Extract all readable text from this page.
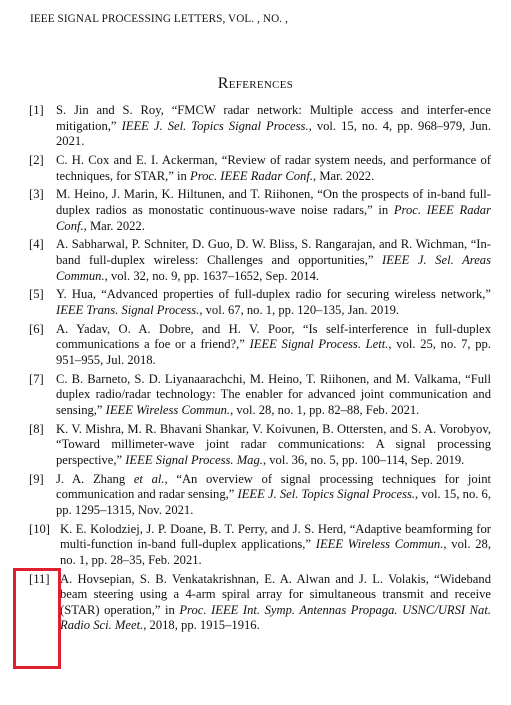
IEEE SIGNAL PROCESSING LETTERS, VOL. , NO. ,
References
[1] S. Jin and S. Roy, “FMCW radar network: Multiple access and interfer-ence mitigation,” IEEE J. Sel. Topics Signal Process., vol. 15, no. 4, pp. 968–979, Jun. 2021.
[2] C. H. Cox and E. I. Ackerman, “Review of radar system needs, and performance of techniques, for STAR,” in Proc. IEEE Radar Conf., Mar. 2022.
[3] M. Heino, J. Marin, K. Hiltunen, and T. Riihonen, “On the prospects of in-band full-duplex radios as monostatic continuous-wave noise radars,” in Proc. IEEE Radar Conf., Mar. 2022.
[4] A. Sabharwal, P. Schniter, D. Guo, D. W. Bliss, S. Rangarajan, and R. Wichman, “In-band full-duplex wireless: Challenges and opportunities,” IEEE J. Sel. Areas Commun., vol. 32, no. 9, pp. 1637–1652, Sep. 2014.
[5] Y. Hua, “Advanced properties of full-duplex radio for securing wireless network,” IEEE Trans. Signal Process., vol. 67, no. 1, pp. 120–135, Jan. 2019.
[6] A. Yadav, O. A. Dobre, and H. V. Poor, “Is self-interference in full-duplex communications a foe or a friend?,” IEEE Signal Process. Lett., vol. 25, no. 7, pp. 951–955, Jul. 2018.
[7] C. B. Barneto, S. D. Liyanaarachchi, M. Heino, T. Riihonen, and M. Valkama, “Full duplex radio/radar technology: The enabler for advanced joint communication and sensing,” IEEE Wireless Commun., vol. 28, no. 1, pp. 82–88, Feb. 2021.
[8] K. V. Mishra, M. R. Bhavani Shankar, V. Koivunen, B. Ottersten, and S. A. Vorobyov, “Toward millimeter-wave joint radar communications: A signal processing perspective,” IEEE Signal Process. Mag., vol. 36, no. 5, pp. 100–114, Sep. 2019.
[9] J. A. Zhang et al., “An overview of signal processing techniques for joint communication and radar sensing,” IEEE J. Sel. Topics Signal Process., vol. 15, no. 6, pp. 1295–1315, Nov. 2021.
[10] K. E. Kolodziej, J. P. Doane, B. T. Perry, and J. S. Herd, “Adaptive beamforming for multi-function in-band full-duplex applications,” IEEE Wireless Commun., vol. 28, no. 1, pp. 28–35, Feb. 2021.
[11] A. Hovsepian, S. B. Venkatakrishnan, E. A. Alwan and J. L. Volakis, “Wideband beam steering using a 4-arm spiral array for simultaneous transmit and receive (STAR) operation,” in Proc. IEEE Int. Symp. Antennas Propaga. USNC/URSI Nat. Radio Sci. Meet., 2018, pp. 1915–1916.
